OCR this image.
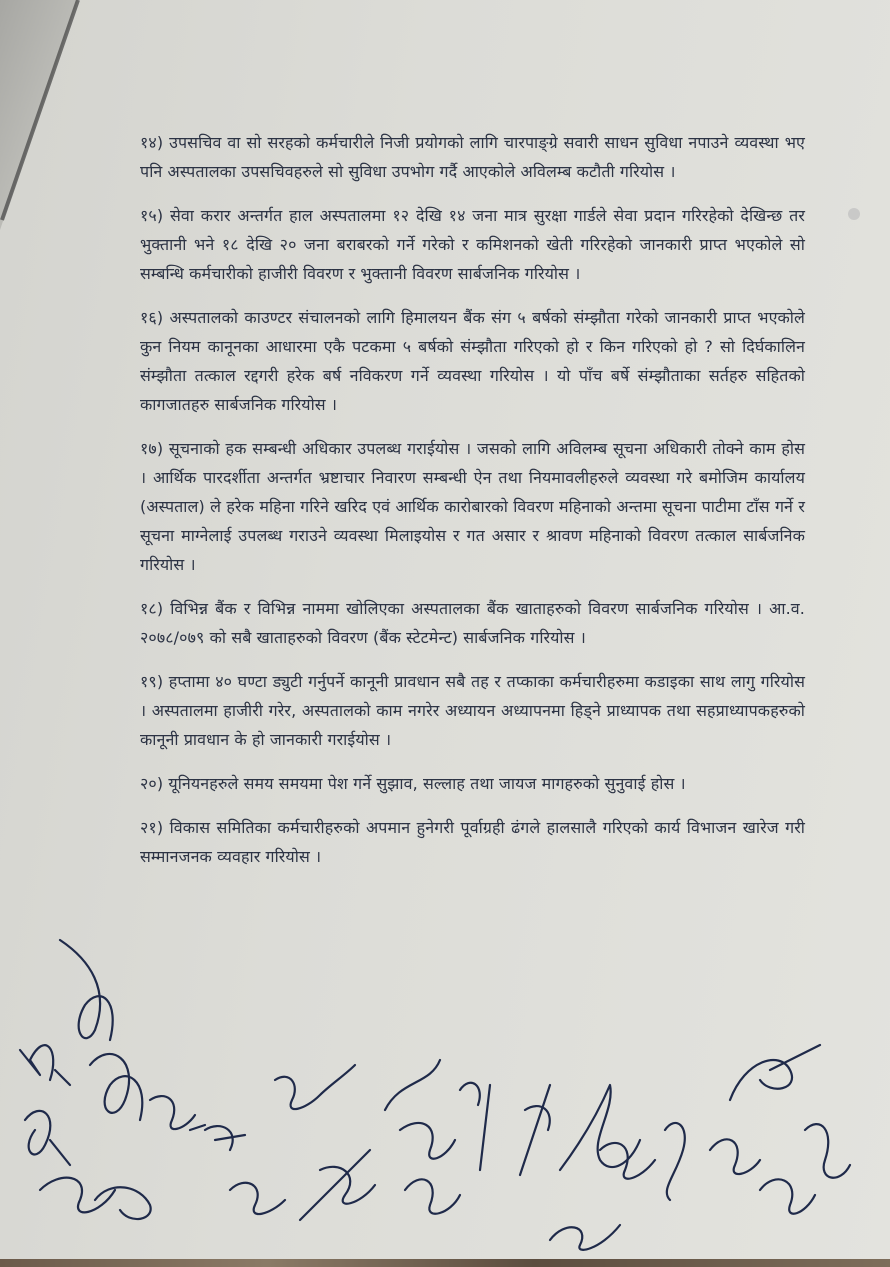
१४) उपसचिव वा सो सरहको कर्मचारीले निजी प्रयोगको लागि चारपाङ्ग्रे सवारी साधन सुविधा नपाउने व्यवस्था भए पनि अस्पतालका उपसचिवहरुले सो सुविधा उपभोग गर्दै आएकोले अविलम्ब कटौती गरियोस ।

१५) सेवा करार अन्तर्गत हाल अस्पतालमा १२ देखि १४ जना मात्र सुरक्षा गार्डले सेवा प्रदान गरिरहेको देखिन्छ तर भुक्तानी भने १८ देखि २० जना बराबरको गर्ने गरेको र कमिशनको खेती गरिरहेको जानकारी प्राप्त भएकोले सो सम्बन्धि कर्मचारीको हाजीरी विवरण र भुक्तानी विवरण सार्बजनिक गरियोस ।

१६) अस्पतालको काउण्टर संचालनको लागि हिमालयन बैंक संग ५ बर्षको संम्झौता गरेको जानकारी प्राप्त भएकोले कुन नियम कानूनका आधारमा एकै पटकमा ५ बर्षको संम्झौता गरिएको हो र किन गरिएको हो ? सो दिर्घकालिन संम्झौता तत्काल रद्दगरी हरेक बर्ष नविकरण गर्ने व्यवस्था गरियोस । यो पाँच बर्षे संम्झौताका सर्तहरु सहितको कागजातहरु सार्बजनिक गरियोस ।

१७) सूचनाको हक सम्बन्धी अधिकार उपलब्ध गराईयोस । जसको लागि अविलम्ब सूचना अधिकारी तोक्ने काम होस । आर्थिक पारदर्शीता अन्तर्गत भ्रष्टाचार निवारण सम्बन्धी ऐन तथा नियमावलीहरुले व्यवस्था गरे बमोजिम कार्यालय (अस्पताल) ले हरेक महिना गरिने खरिद एवं आर्थिक कारोबारको विवरण महिनाको अन्तमा सूचना पाटीमा टाँस गर्ने र सूचना माग्नेलाई उपलब्ध गराउने व्यवस्था मिलाइयोस र गत असार र श्रावण महिनाको विवरण तत्काल सार्बजनिक गरियोस ।

१८) विभिन्न बैंक र विभिन्न नाममा खोलिएका अस्पतालका बैंक खाताहरुको विवरण सार्बजनिक गरियोस । आ.व. २०७८/०७९ को सबै खाताहरुको विवरण (बैंक स्टेटमेन्ट) सार्बजनिक गरियोस ।

१९) हप्तामा ४० घण्टा ड्युटी गर्नुपर्ने कानूनी प्रावधान सबै तह र तप्काका कर्मचारीहरुमा कडाइका साथ लागु गरियोस । अस्पतालमा हाजीरी गरेर, अस्पतालको काम नगरेर अध्यायन अध्यापनमा हिड्ने प्राध्यापक तथा सहप्राध्यापकहरुको कानूनी प्रावधान के हो जानकारी गराईयोस ।

२०) यूनियनहरुले समय समयमा पेश गर्ने सुझाव, सल्लाह तथा जायज मागहरुको सुनुवाई होस ।

२१) विकास समितिका कर्मचारीहरुको अपमान हुनेगरी पूर्वाग्रही ढंगले हालसालै गरिएको कार्य विभाजन खारेज गरी सम्मानजनक व्यवहार गरियोस ।
